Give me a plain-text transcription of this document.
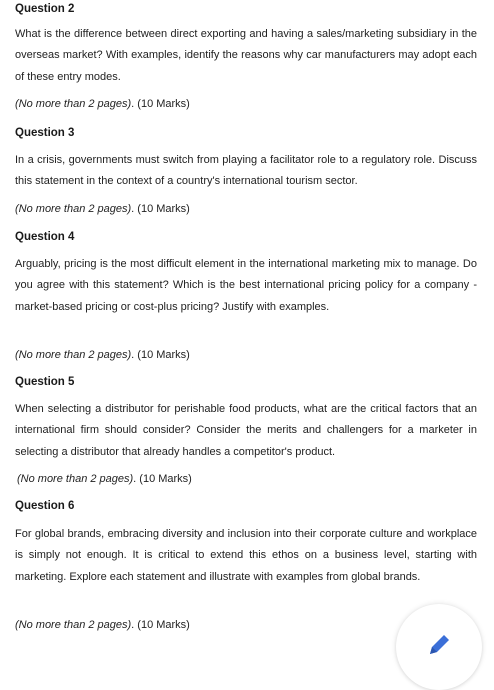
Question 2

What is the difference between direct exporting and having a sales/marketing subsidiary in the overseas market? With examples, identify the reasons why car manufacturers may adopt each of these entry modes.

(No more than 2 pages). (10 Marks)

Question 3

In a crisis, governments must switch from playing a facilitator role to a regulatory role. Discuss this statement in the context of a country's international tourism sector.

(No more than 2 pages). (10 Marks)

Question 4

Arguably, pricing is the most difficult element in the international marketing mix to manage. Do you agree with this statement? Which is the best international pricing policy for a company - market-based pricing or cost-plus pricing? Justify with examples.

(No more than 2 pages). (10 Marks)

Question 5

When selecting a distributor for perishable food products, what are the critical factors that an international firm should consider? Consider the merits and challengers for a marketer in selecting a distributor that already handles a competitor's product.

(No more than 2 pages). (10 Marks)

Question 6

For global brands, embracing diversity and inclusion into their corporate culture and workplace is simply not enough. It is critical to extend this ethos on a business level, starting with marketing. Explore each statement and illustrate with examples from global brands.

(No more than 2 pages). (10 Marks)
